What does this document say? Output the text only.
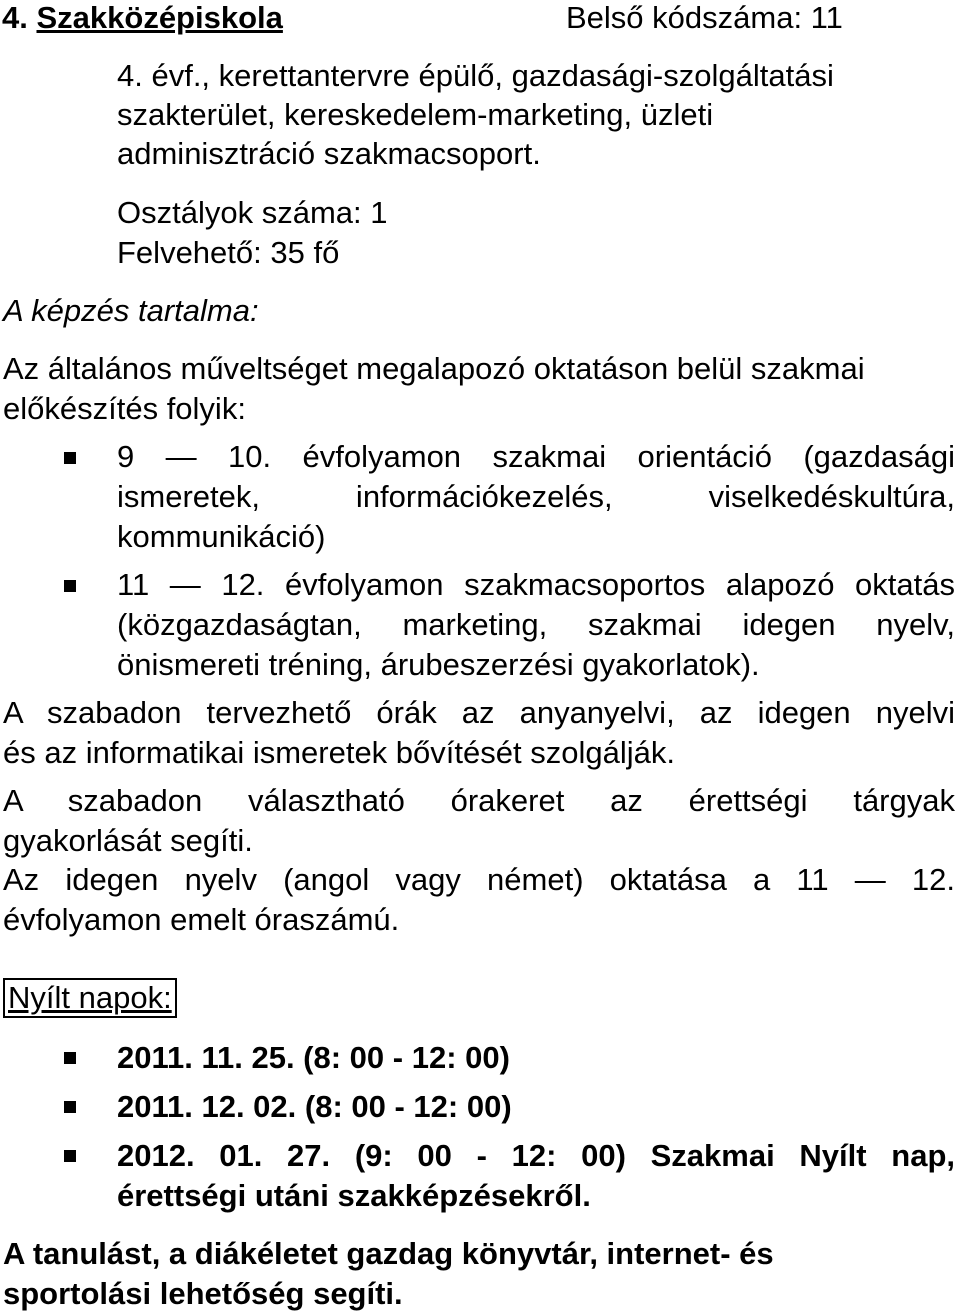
4. Szakközépiskola	Belső kódszáma: 11
4. évf., kerettantervre épülő, gazdasági-szolgáltatási
szakterület, kereskedelem-marketing, üzleti
adminisztráció szakmacsoport.
Osztályok száma: 1
Felvehető: 35 fő
A képzés tartalma:
Az általános műveltséget megalapozó oktatáson belül szakmai
előkészítés folyik:
9 — 10. évfolyamon szakmai orientáció (gazdasági
ismeretek, információkezelés, viselkedéskultúra,
kommunikáció)
11 — 12. évfolyamon szakmacsoportos alapozó oktatás
(közgazdaságtan, marketing, szakmai idegen nyelv,
önismereti tréning, árubeszerzési gyakorlatok).
A szabadon tervezhető órák az anyanyelvi, az idegen nyelvi
és az informatikai ismeretek bővítését szolgálják.
A szabadon választható órakeret az érettségi tárgyak
gyakorlását segíti.
Az idegen nyelv (angol vagy német) oktatása a 11 — 12.
évfolyamon emelt óraszámú.
Nyílt napok:
2011. 11. 25. (8: 00 - 12: 00)
2011. 12. 02. (8: 00 - 12: 00)
2012. 01. 27. (9: 00 - 12: 00) Szakmai Nyílt nap,
érettségi utáni szakképzésekről.
A tanulást, a diákéletet gazdag könyvtár, internet- és
sportolási lehetőség segíti.
